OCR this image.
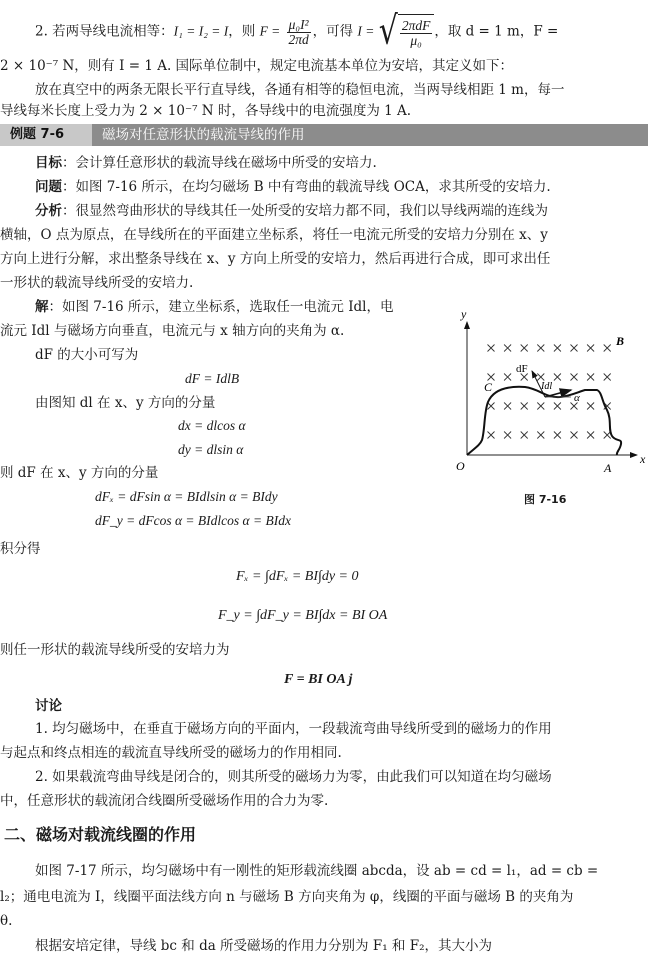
2. 若两导线电流相等：I₁ = I₂ = I，则 $F = \frac{\text{μ₀I²}}{2\pi d}$ ，可得 I = √ $\frac{\text{2πdF}}{\text{μ₀}}$ ，取 d = 1 m，F =
2 × 10⁻⁷ N，则有 I = 1 A. 国际单位制中，规定电流基本单位为安培，其定义如下：
放在真空中的两条无限长平行直导线，各通有相等的稳恒电流，当两导线相距 1 m，每一
导线每米长度上受力为 2 × 10⁻⁷ N 时，各导线中的电流强度为 1 A.
例题 7-6	磁场对任意形状的载流导线的作用
目标：会计算任意形状的载流导线在磁场中所受的安培力.
问题：如图 7-16 所示，在均匀磁场 B 中有弯曲的载流导线 OCA，求其所受的安培力.
分析：很显然弯曲形状的导线其任一处所受的安培力都不同，我们以导线两端的连线为
横轴，O 点为原点，在导线所在的平面建立坐标系，将任一电流元所受的安培力分别在 x、y
方向上进行分解，求出整条导线在 x、y 方向上所受的安培力，然后再进行合成，即可求出任
一形状的载流导线所受的安培力.
解：如图 7-16 所示，建立坐标系，选取任一电流元 Idl，电
流元 Idl 与磁场方向垂直，电流元与 x 轴方向的夹角为 α.
dF 的大小可写为
dF = IdlB
由图知 dl 在 x、y 方向的分量
dx = dlcos α
dy = dlsin α
则 dF 在 x、y 方向的分量
dFₓ = dFsin α = BIdlsin α = BIdy
dF_y = dFcos α = BIdlcos α = BIdx
y
x
O	A
C
B
dF
Idl
α
图 7-16
积分得
Fₓ = ∫dFₓ = BI∫dy = 0
F_y = ∫dF_y = BI∫dx = BI OA
则任一形状的载流导线所受的安培力为
F = BI OA j
讨论
1. 均匀磁场中，在垂直于磁场方向的平面内，一段载流弯曲导线所受到的磁场力的作用
与起点和终点相连的载流直导线所受的磁场力的作用相同.
2. 如果载流弯曲导线是闭合的，则其所受的磁场力为零，由此我们可以知道在均匀磁场
中，任意形状的载流闭合线圈所受磁场作用的合力为零.
二、磁场对载流线圈的作用
如图 7-17 所示，均匀磁场中有一刚性的矩形载流线圈 abcda，设 ab = cd = l₁，ad = cb =
l₂；通电电流为 I，线圈平面法线方向 n 与磁场 B 方向夹角为 φ，线圈的平面与磁场 B 的夹角为
θ.
根据安培定律，导线 bc 和 da 所受磁场的作用力分别为 F₁ 和 F₂，其大小为
